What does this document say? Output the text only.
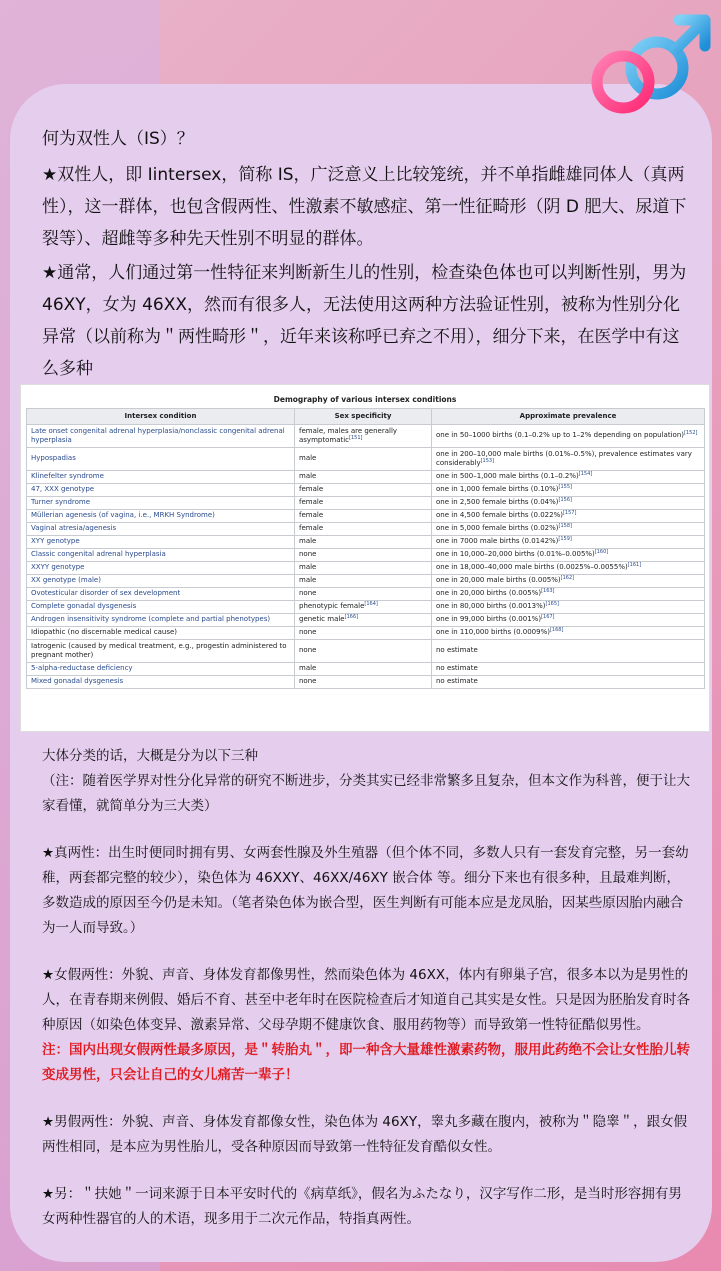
何为双性人（IS）？

★双性人，即 Iintersex，简称 IS，广泛意义上比较笼统，并不单指雌雄同体人（真两性），这一群体，也包含假两性、性激素不敏感症、第一性征畸形（阴 D 肥大、尿道下裂等）、超雌等多种先天性别不明显的群体。

★通常，人们通过第一性特征来判断新生儿的性别，检查染色体也可以判断性别，男为 46XY，女为 46XX，然而有很多人，无法使用这两种方法验证性别，被称为性别分化异常（以前称为＂两性畸形＂，近年来该称呼已弃之不用），细分下来，在医学中有这么多种

Demography of various intersex conditions
Intersex condition	Sex specificity	Approximate prevalence
Late onset congenital adrenal hyperplasia/nonclassic congenital adrenal hyperplasia	female, males are generally asymptomatic[151]	one in 50–1000 births (0.1–0.2% up to 1–2% depending on population)[152]
Hypospadias	male	one in 200–10,000 male births (0.01%–0.5%), prevalence estimates vary considerably[153]
Klinefelter syndrome	male	one in 500–1,000 male births (0.1–0.2%)[154]
47, XXX genotype	female	one in 1,000 female births (0.10%)[155]
Turner syndrome	female	one in 2,500 female births (0.04%)[156]
Müllerian agenesis (of vagina, i.e., MRKH Syndrome)	female	one in 4,500 female births (0.022%)[157]
Vaginal atresia/agenesis	female	one in 5,000 female births (0.02%)[158]
XYY genotype	male	one in 7000 male births (0.0142%)[159]
Classic congenital adrenal hyperplasia	none	one in 10,000–20,000 births (0.01%–0.005%)[160]
XXYY genotype	male	one in 18,000–40,000 male births (0.0025%–0.0055%)[161]
XX genotype (male)	male	one in 20,000 male births (0.005%)[162]
Ovotesticular disorder of sex development	none	one in 20,000 births (0.005%)[163]
Complete gonadal dysgenesis	phenotypic female[164]	one in 80,000 births (0.0013%)[165]
Androgen insensitivity syndrome (complete and partial phenotypes)	genetic male[166]	one in 99,000 births (0.001%)[167]
Idiopathic (no discernable medical cause)	none	one in 110,000 births (0.0009%)[168]
Iatrogenic (caused by medical treatment, e.g., progestin administered to pregnant mother)	none	no estimate
5-alpha-reductase deficiency	male	no estimate
Mixed gonadal dysgenesis	none	no estimate

大体分类的话，大概是分为以下三种

（注：随着医学界对性分化异常的研究不断进步，分类其实已经非常繁多且复杂，但本文作为科普，便于让大家看懂，就简单分为三大类）

★真两性：出生时便同时拥有男、女两套性腺及外生殖器（但个体不同，多数人只有一套发育完整，另一套幼稚，两套都完整的较少），染色体为 46XXY、46XX/46XY 嵌合体 等。细分下来也有很多种，且最难判断，多数造成的原因至今仍是未知。（笔者染色体为嵌合型，医生判断有可能本应是龙凤胎，因某些原因胎内融合为一人而导致。）

★女假两性：外貌、声音、身体发育都像男性，然而染色体为 46XX，体内有卵巢子宫，很多本以为是男性的人，在青春期来例假、婚后不育、甚至中老年时在医院检查后才知道自己其实是女性。只是因为胚胎发育时各种原因（如染色体变异、激素异常、父母孕期不健康饮食、服用药物等）而导致第一性特征酷似男性。

注：国内出现女假两性最多原因，是＂转胎丸＂，即一种含大量雄性激素药物，服用此药绝不会让女性胎儿转变成男性，只会让自己的女儿痛苦一辈子！

★男假两性：外貌、声音、身体发育都像女性，染色体为 46XY，睾丸多藏在腹内，被称为＂隐睾＂，跟女假两性相同，是本应为男性胎儿，受各种原因而导致第一性特征发育酷似女性。

★另：＂扶她＂一词来源于日本平安时代的《病草纸》，假名为ふたなり，汉字写作二形，是当时形容拥有男女两种性器官的人的术语，现多用于二次元作品，特指真两性。
